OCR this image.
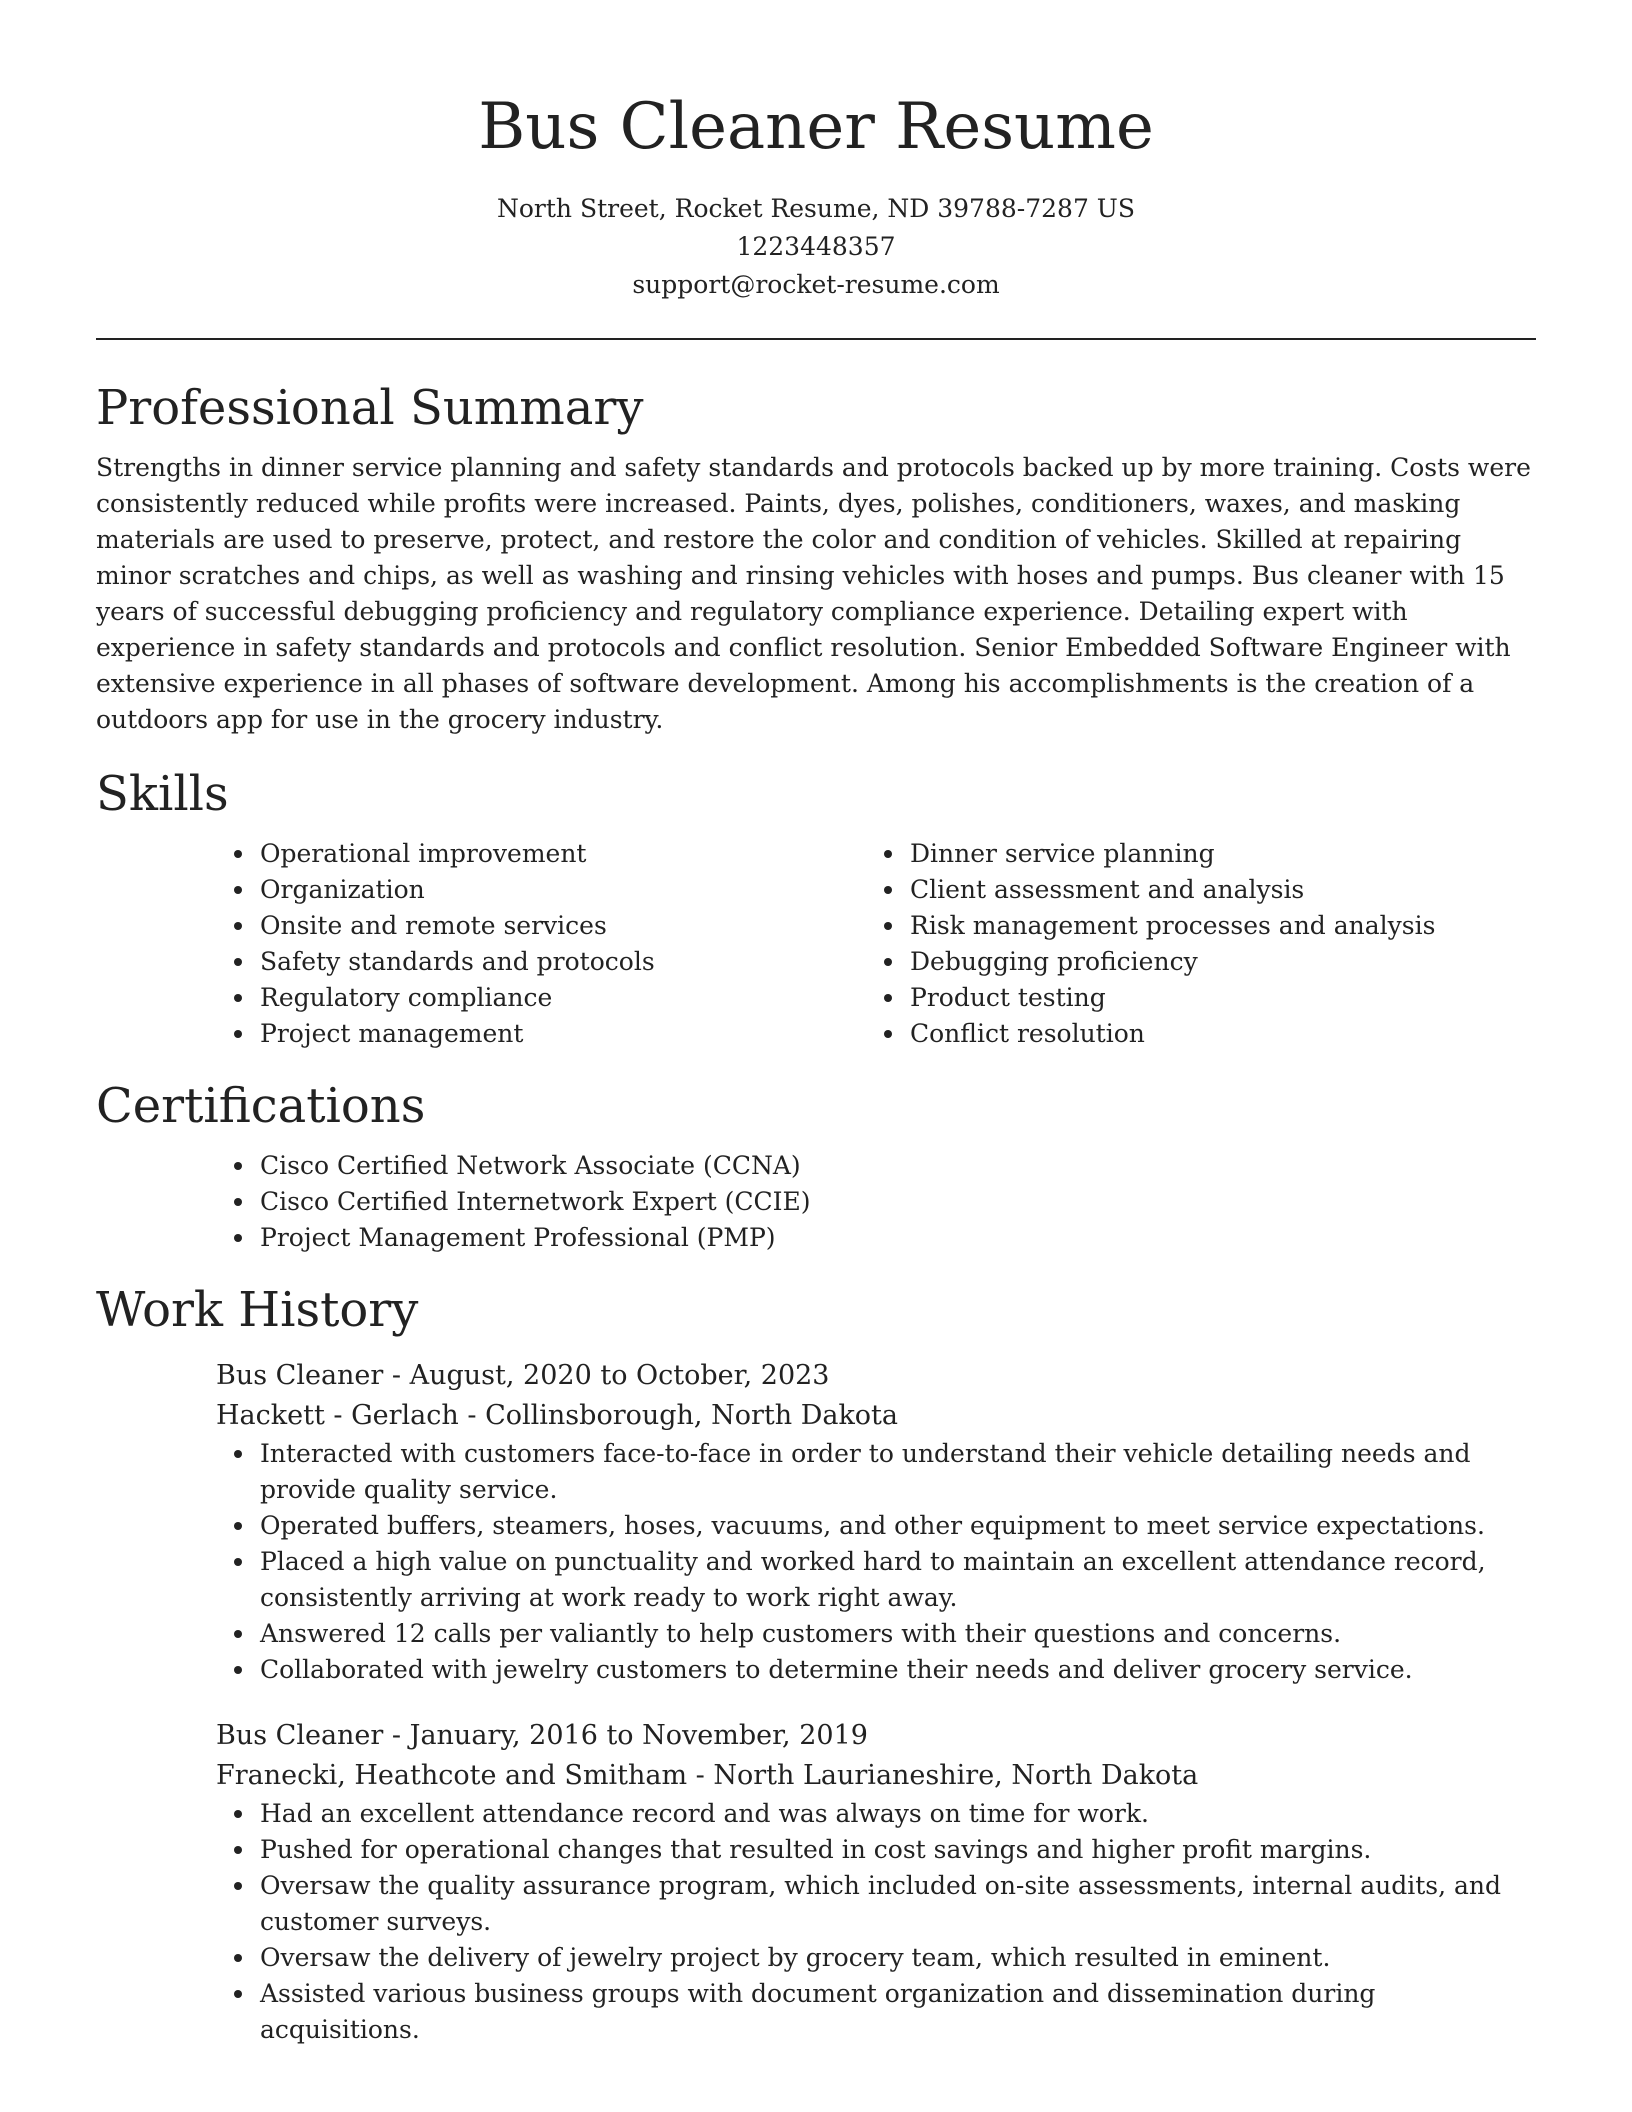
Bus Cleaner Resume
North Street, Rocket Resume, ND 39788-7287 US
1223448357
support@rocket-resume.com
Professional Summary

Strengths in dinner service planning and safety standards and protocols backed up by more training. Costs were consistently reduced while profits were increased. Paints, dyes, polishes, conditioners, waxes, and masking materials are used to preserve, protect, and restore the color and condition of vehicles. Skilled at repairing minor scratches and chips, as well as washing and rinsing vehicles with hoses and pumps. Bus cleaner with 15 years of successful debugging proficiency and regulatory compliance experience. Detailing expert with experience in safety standards and protocols and conflict resolution. Senior Embedded Software Engineer with extensive experience in all phases of software development. Among his accomplishments is the creation of a outdoors app for use in the grocery industry.

Skills
Operational improvement
Organization
Onsite and remote services
Safety standards and protocols
Regulatory compliance
Project management
Dinner service planning
Client assessment and analysis
Risk management processes and analysis
Debugging proficiency
Product testing
Conflict resolution
Certifications
Cisco Certified Network Associate (CCNA)
Cisco Certified Internetwork Expert (CCIE)
Project Management Professional (PMP)
Work History

Bus Cleaner - August, 2020 to October, 2023

Hackett - Gerlach - Collinsborough, North Dakota

Interacted with customers face-to-face in order to understand their vehicle detailing needs and provide quality service.
Operated buffers, steamers, hoses, vacuums, and other equipment to meet service expectations.
Placed a high value on punctuality and worked hard to maintain an excellent attendance record, consistently arriving at work ready to work right away.
Answered 12 calls per valiantly to help customers with their questions and concerns.
Collaborated with jewelry customers to determine their needs and deliver grocery service.

Bus Cleaner - January, 2016 to November, 2019

Franecki, Heathcote and Smitham - North Laurianeshire, North Dakota

Had an excellent attendance record and was always on time for work.
Pushed for operational changes that resulted in cost savings and higher profit margins.
Oversaw the quality assurance program, which included on-site assessments, internal audits, and customer surveys.
Oversaw the delivery of jewelry project by grocery team, which resulted in eminent.
Assisted various business groups with document organization and dissemination during acquisitions.
